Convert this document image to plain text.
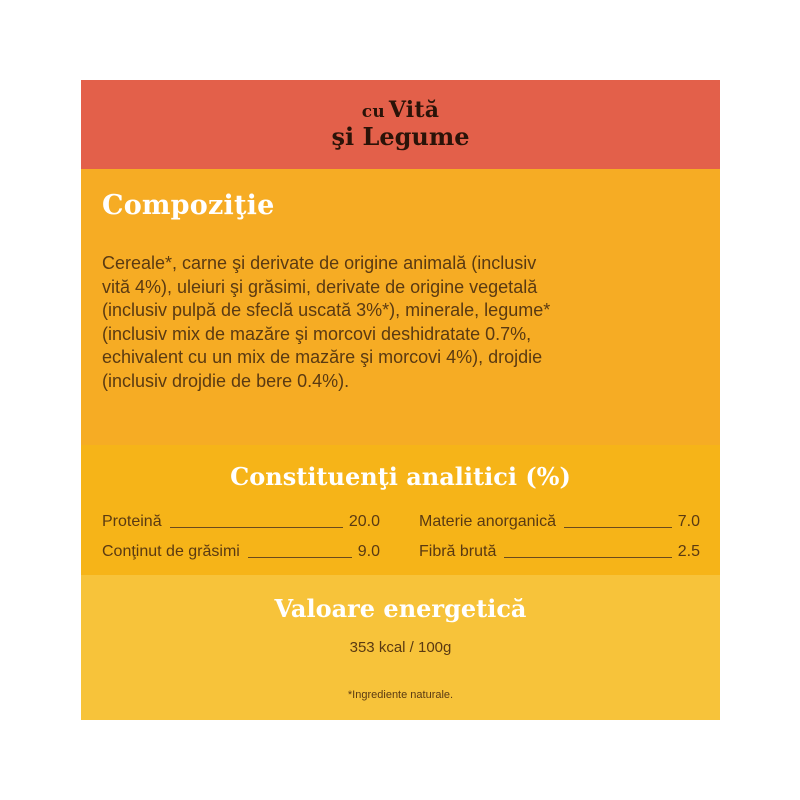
cu Vită
şi Legume
Compoziţie

Cereale*, carne şi derivate de origine animală (inclusiv
vită 4%), uleiuri şi grăsimi, derivate de origine vegetală
(inclusiv pulpă de sfeclă uscată 3%*), minerale, legume*
(inclusiv mix de mazăre şi morcovi deshidratate 0.7%,
echivalent cu un mix de mazăre şi morcovi 4%), drojdie
(inclusiv drojdie de bere 0.4%).

Constituenţi analitici (%)
Proteină	20.0
Conţinut de grăsimi	9.0
Materie anorganică	7.0
Fibră brută	2.5
Valoare energetică

353 kcal / 100g

*Ingrediente naturale.
